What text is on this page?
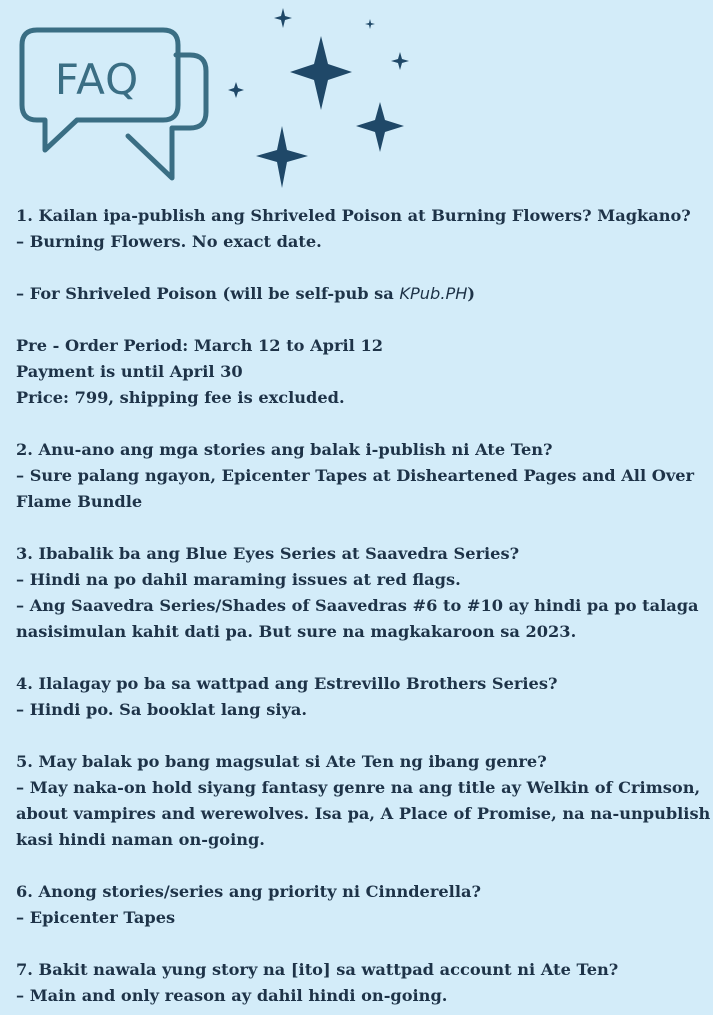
FAQ
1. Kailan ipa-publish ang Shriveled Poison at Burning Flowers? Magkano?
– Burning Flowers. No exact date.
– For Shriveled Poison (will be self-pub sa KPub.PH)
Pre - Order Period: March 12 to April 12
Payment is until April 30
Price: 799, shipping fee is excluded.
2. Anu-ano ang mga stories ang balak i-publish ni Ate Ten?
– Sure palang ngayon, Epicenter Tapes at Disheartened Pages and All Over
Flame Bundle
3. Ibabalik ba ang Blue Eyes Series at Saavedra Series?
– Hindi na po dahil maraming issues at red flags.
– Ang Saavedra Series/Shades of Saavedras #6 to #10 ay hindi pa po talaga
nasisimulan kahit dati pa. But sure na magkakaroon sa 2023.
4. Ilalagay po ba sa wattpad ang Estrevillo Brothers Series?
– Hindi po. Sa booklat lang siya.
5. May balak po bang magsulat si Ate Ten ng ibang genre?
– May naka-on hold siyang fantasy genre na ang title ay Welkin of Crimson,
about vampires and werewolves. Isa pa, A Place of Promise, na na-unpublish
kasi hindi naman on-going.
6. Anong stories/series ang priority ni Cinnderella?
– Epicenter Tapes
7. Bakit nawala yung story na [ito] sa wattpad account ni Ate Ten?
– Main and only reason ay dahil hindi on-going.
